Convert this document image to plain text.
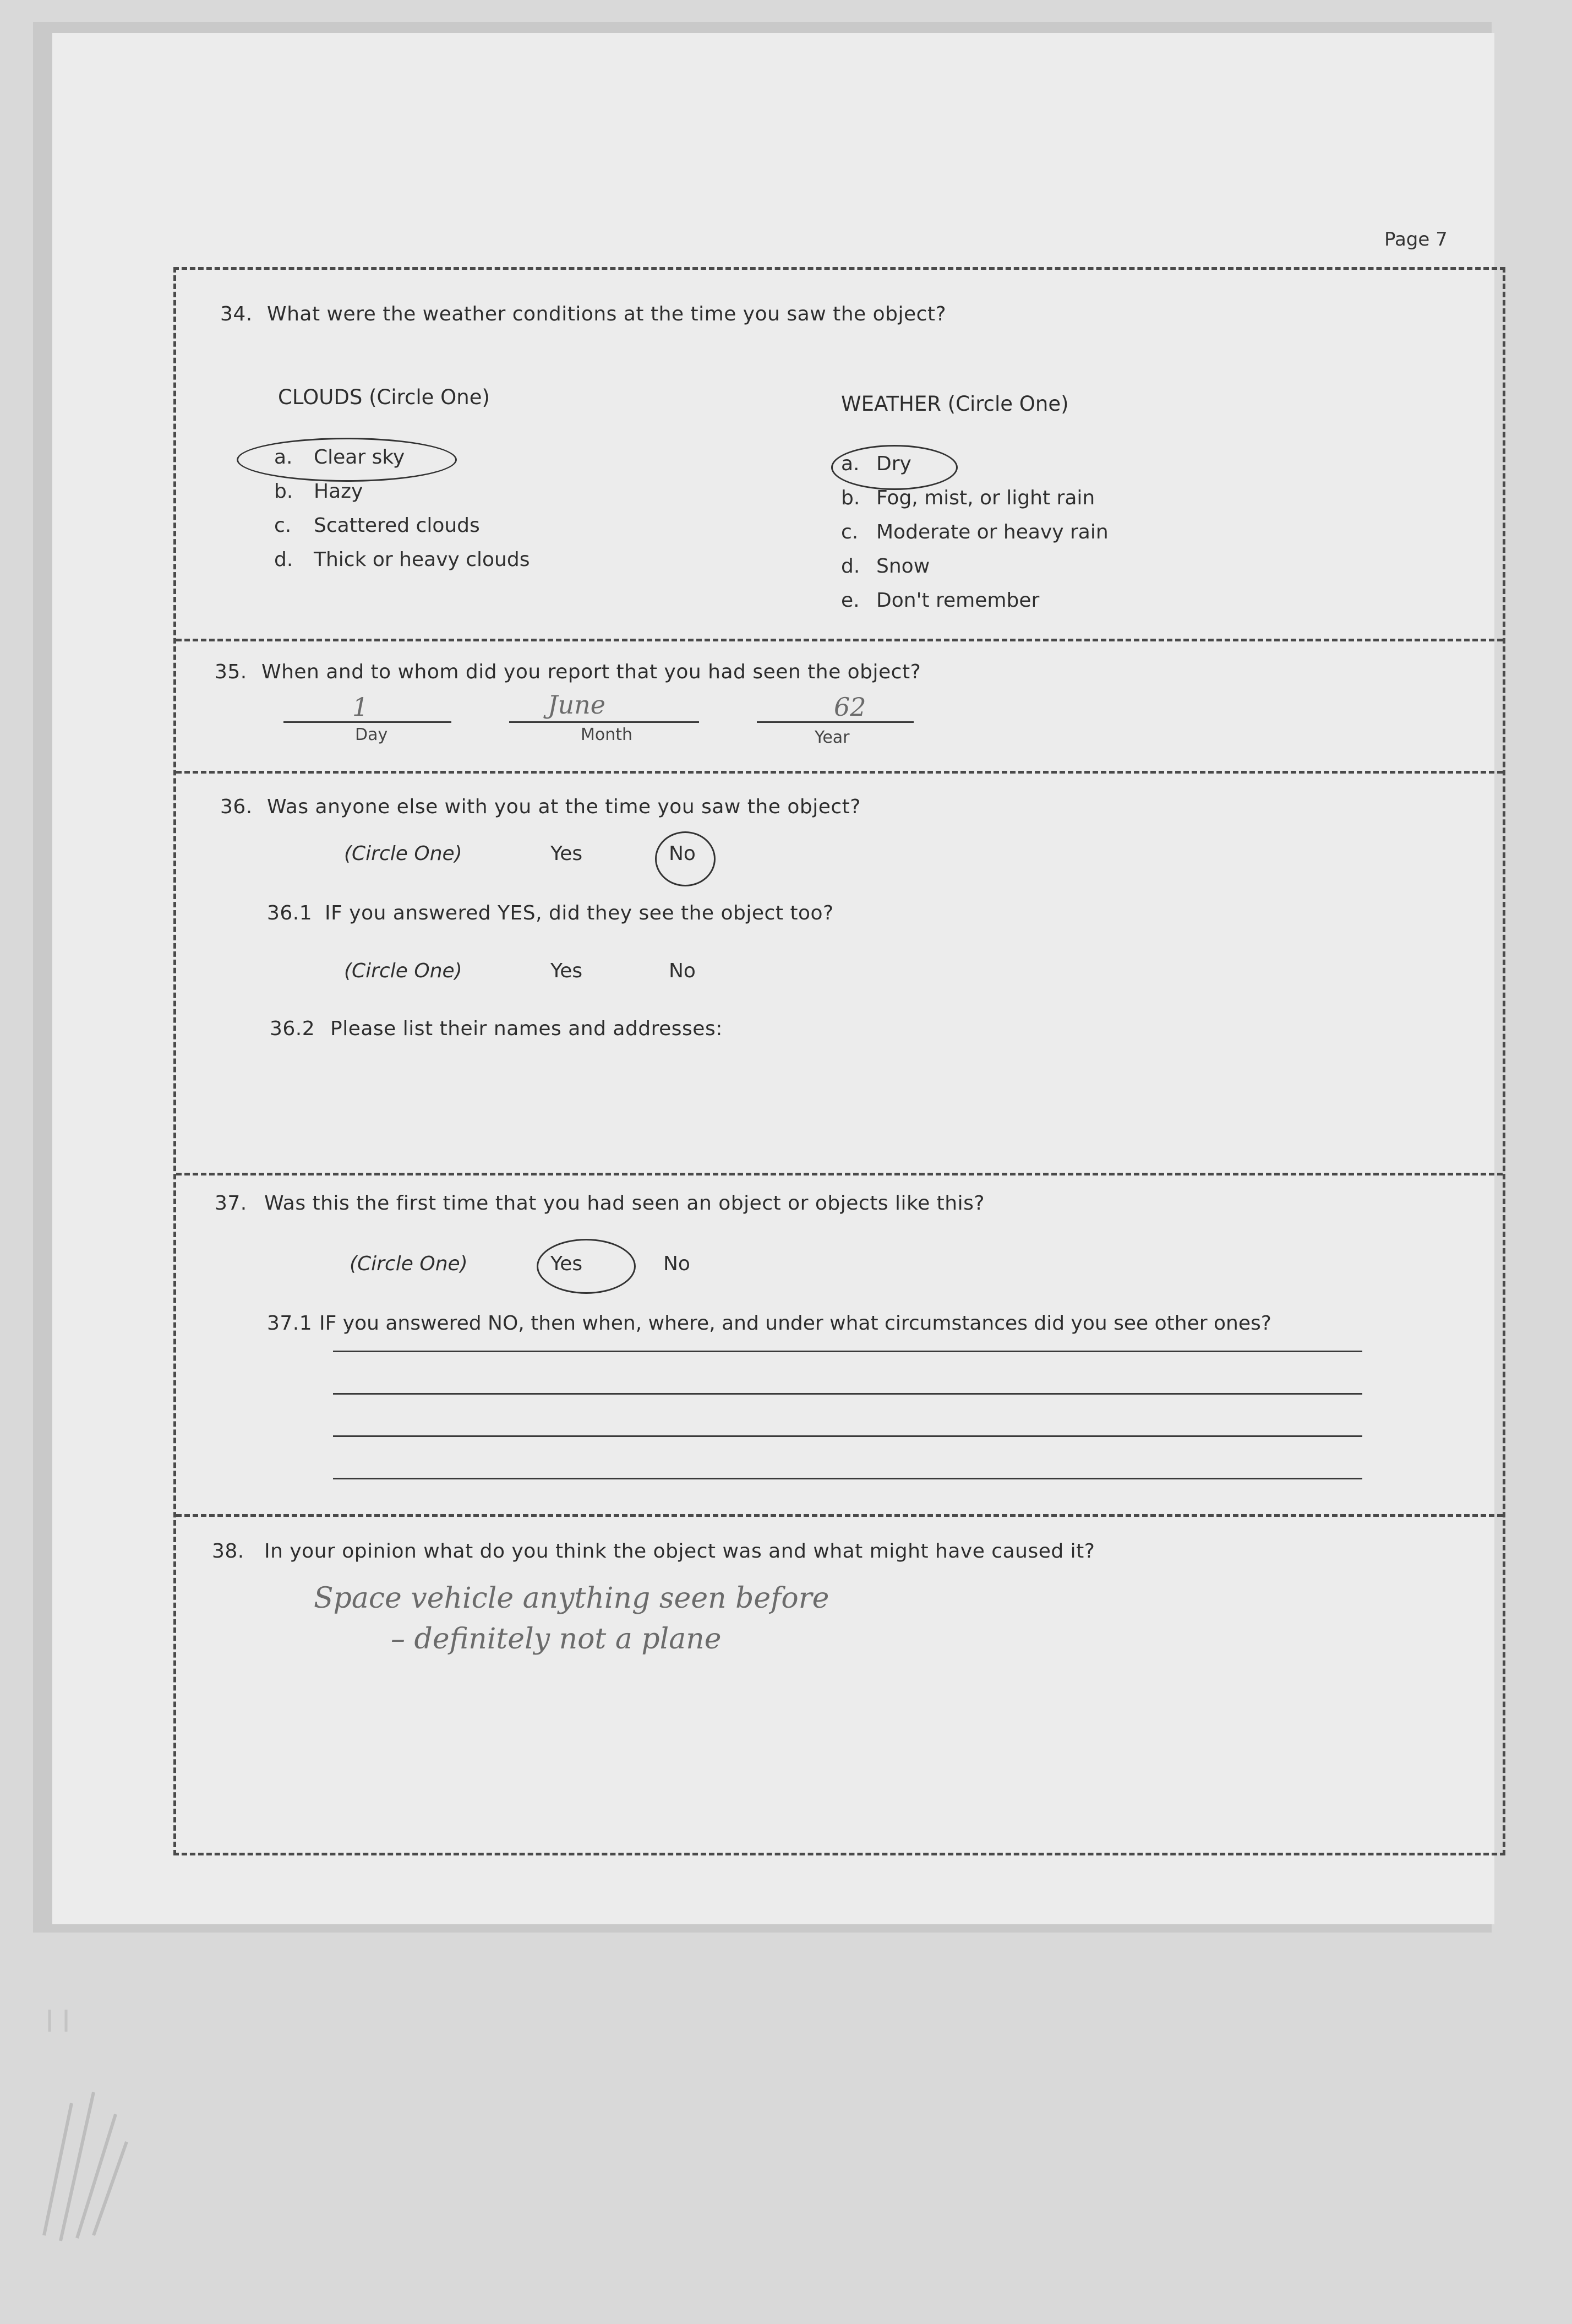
Page 7
34. What were the weather conditions at the time you saw the object?
CLOUDS (Circle One)
a. Clear sky
b. Hazy
c. Scattered clouds
d. Thick or heavy clouds
WEATHER (Circle One)
a. Dry
b. Fog, mist, or light rain
c. Moderate or heavy rain
d. Snow
e. Don't remember
35. When and to whom did you report that you had seen the object?
1
Day
June
Month
62
Year
36. Was anyone else with you at the time you saw the object?
(Circle One)	Yes	No
36.1 IF you answered YES, did they see the object too?
(Circle One)	Yes	No
36.2 Please list their names and addresses:
37. Was this the first time that you had seen an object or objects like this?
(Circle One)	Yes	No
37.1 IF you answered NO, then when, where, and under what circumstances did you see other ones?
38. In your opinion what do you think the object was and what might have caused it?
Space vehicle anything seen before
– definitely not a plane
